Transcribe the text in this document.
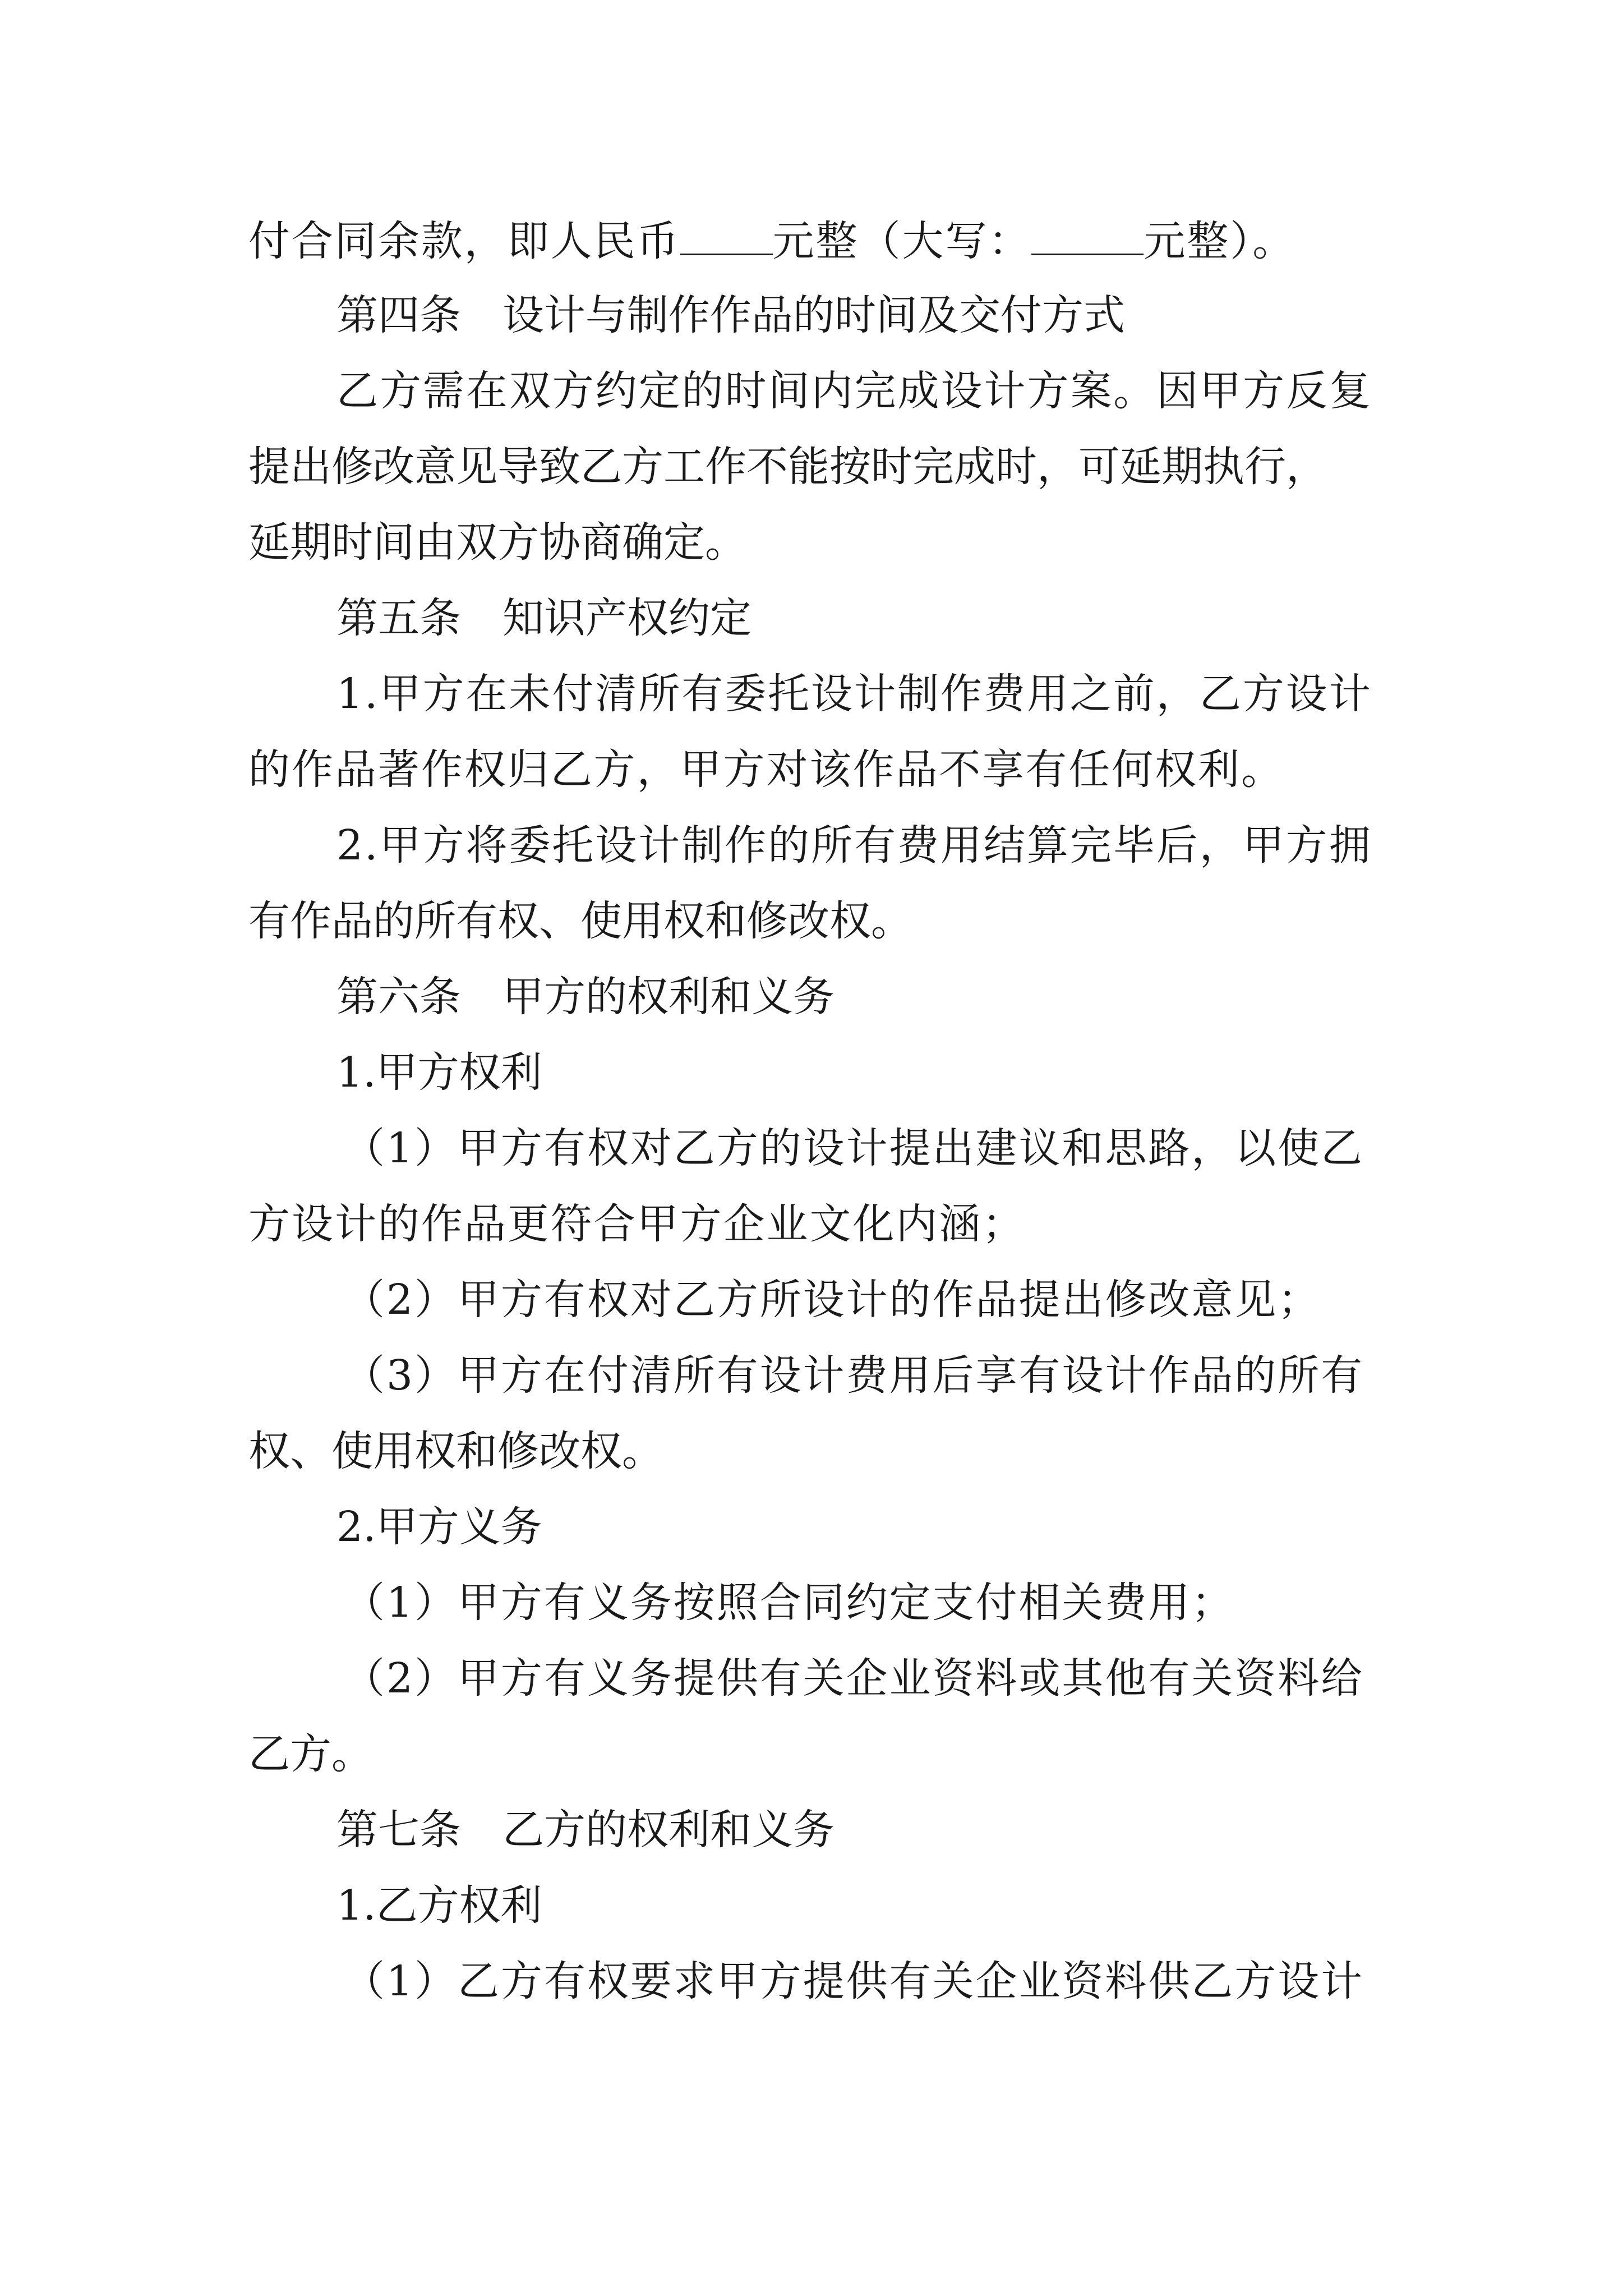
付合同余款，即人民币 元整（大写：	元整）。
第四条　设计与制作作品的时间及交付方式
乙方需在双方约定的时间内完成设计方案。因甲方反复
提出修改意见导致乙方工作不能按时完成时，可延期执行，
延期时间由双方协商确定。
第五条　知识产权约定
1.甲方在未付清所有委托设计制作费用之前，乙方设计
的作品著作权归乙方，甲方对该作品不享有任何权利。
2.甲方将委托设计制作的所有费用结算完毕后，甲方拥
有作品的所有权、使用权和修改权。
第六条　甲方的权利和义务
1.甲方权利
（1）甲方有权对乙方的设计提出建议和思路，以使乙
方设计的作品更符合甲方企业文化内涵；
（2）甲方有权对乙方所设计的作品提出修改意见；
（3）甲方在付清所有设计费用后享有设计作品的所有
权、使用权和修改权。
2.甲方义务
（1）甲方有义务按照合同约定支付相关费用；
（2）甲方有义务提供有关企业资料或其他有关资料给
乙方。
第七条　乙方的权利和义务
1.乙方权利
（1）乙方有权要求甲方提供有关企业资料供乙方设计
